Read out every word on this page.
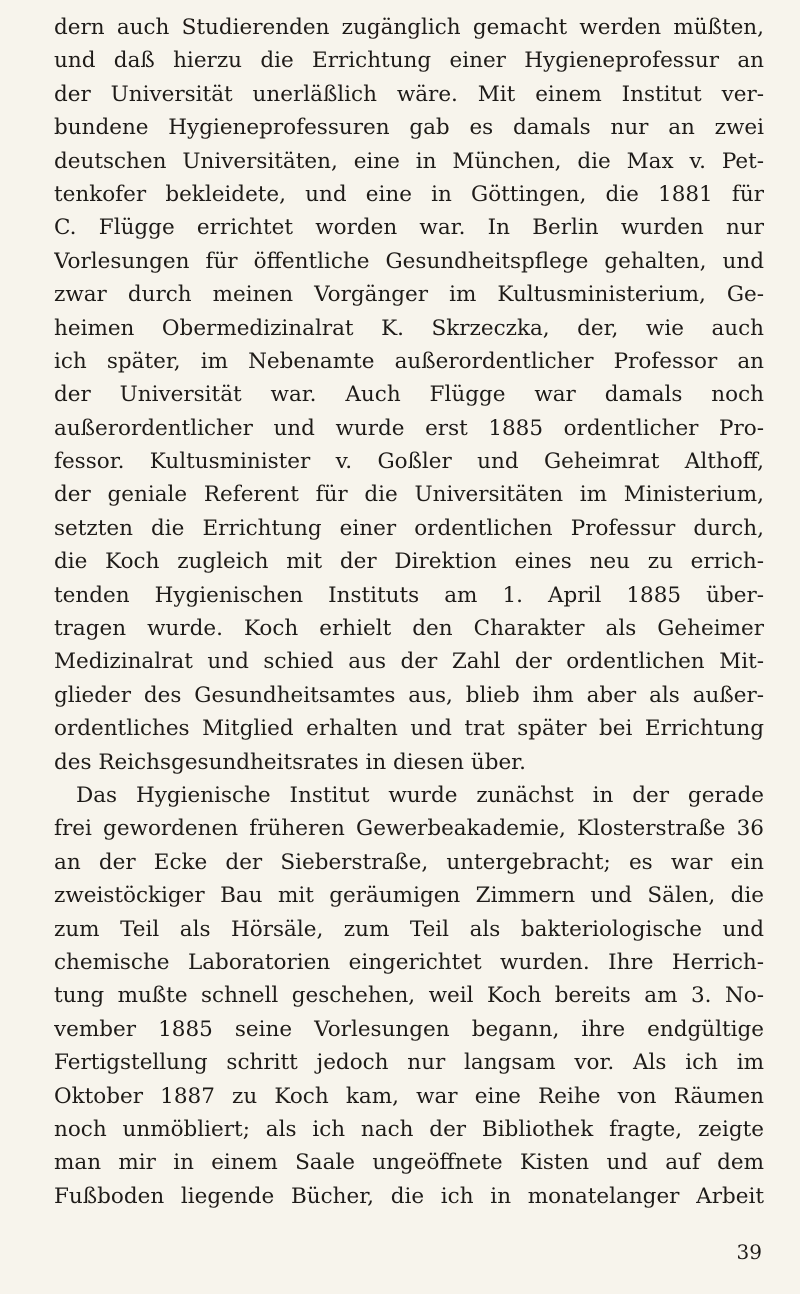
dern auch Studierenden zugänglich gemacht werden müßten,
und daß hierzu die Errichtung einer Hygieneprofessur an
der Universität unerläßlich wäre. Mit einem Institut ver-
bundene Hygieneprofessuren gab es damals nur an zwei
deutschen Universitäten, eine in München, die Max v. Pet-
tenkofer bekleidete, und eine in Göttingen, die 1881 für
C. Flügge errichtet worden war. In Berlin wurden nur
Vorlesungen für öffentliche Gesundheitspflege gehalten, und
zwar durch meinen Vorgänger im Kultusministerium, Ge-
heimen Obermedizinalrat K. Skrzeczka, der, wie auch
ich später, im Nebenamte außerordentlicher Professor an
der Universität war. Auch Flügge war damals noch
außerordentlicher und wurde erst 1885 ordentlicher Pro-
fessor. Kultusminister v. Goßler und Geheimrat Althoff,
der geniale Referent für die Universitäten im Ministerium,
setzten die Errichtung einer ordentlichen Professur durch,
die Koch zugleich mit der Direktion eines neu zu errich-
tenden Hygienischen Instituts am 1. April 1885 über-
tragen wurde. Koch erhielt den Charakter als Geheimer
Medizinalrat und schied aus der Zahl der ordentlichen Mit-
glieder des Gesundheitsamtes aus, blieb ihm aber als außer-
ordentliches Mitglied erhalten und trat später bei Errichtung
des Reichsgesundheitsrates in diesen über.
Das Hygienische Institut wurde zunächst in der gerade
frei gewordenen früheren Gewerbeakademie, Klosterstraße 36
an der Ecke der Sieberstraße, untergebracht; es war ein
zweistöckiger Bau mit geräumigen Zimmern und Sälen, die
zum Teil als Hörsäle, zum Teil als bakteriologische und
chemische Laboratorien eingerichtet wurden. Ihre Herrich-
tung mußte schnell geschehen, weil Koch bereits am 3. No-
vember 1885 seine Vorlesungen begann, ihre endgültige
Fertigstellung schritt jedoch nur langsam vor. Als ich im
Oktober 1887 zu Koch kam, war eine Reihe von Räumen
noch unmöbliert; als ich nach der Bibliothek fragte, zeigte
man mir in einem Saale ungeöffnete Kisten und auf dem
Fußboden liegende Bücher, die ich in monatelanger Arbeit
39
